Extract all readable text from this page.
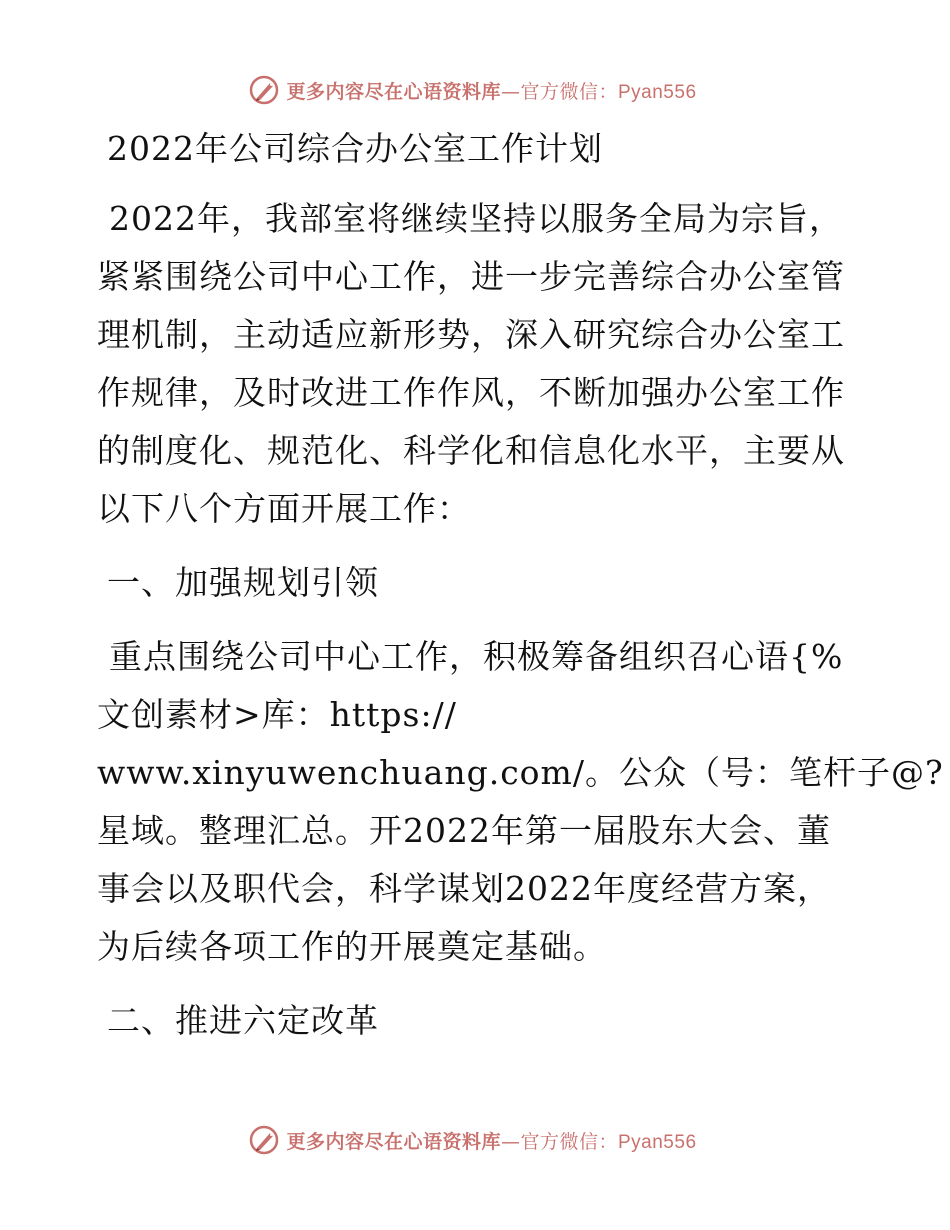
更多内容尽在心语资料库—官方微信：Pyan556
2022年公司综合办公室工作计划
2022年，我部室将继续坚持以服务全局为宗旨，
紧紧围绕公司中心工作，进一步完善综合办公室管
理机制，主动适应新形势，深入研究综合办公室工
作规律，及时改进工作作风，不断加强办公室工作
的制度化、规范化、科学化和信息化水平，主要从
以下八个方面开展工作：
一、加强规划引领
重点围绕公司中心工作，积极筹备组织召心语{%
文创素材>库：https://
www.xinyuwenchuang.com/。公众（号：笔杆子@?
星域。整理汇总。开2022年第一届股东大会、董
事会以及职代会，科学谋划2022年度经营方案，
为后续各项工作的开展奠定基础。
二、推进六定改革
更多内容尽在心语资料库—官方微信：Pyan556
